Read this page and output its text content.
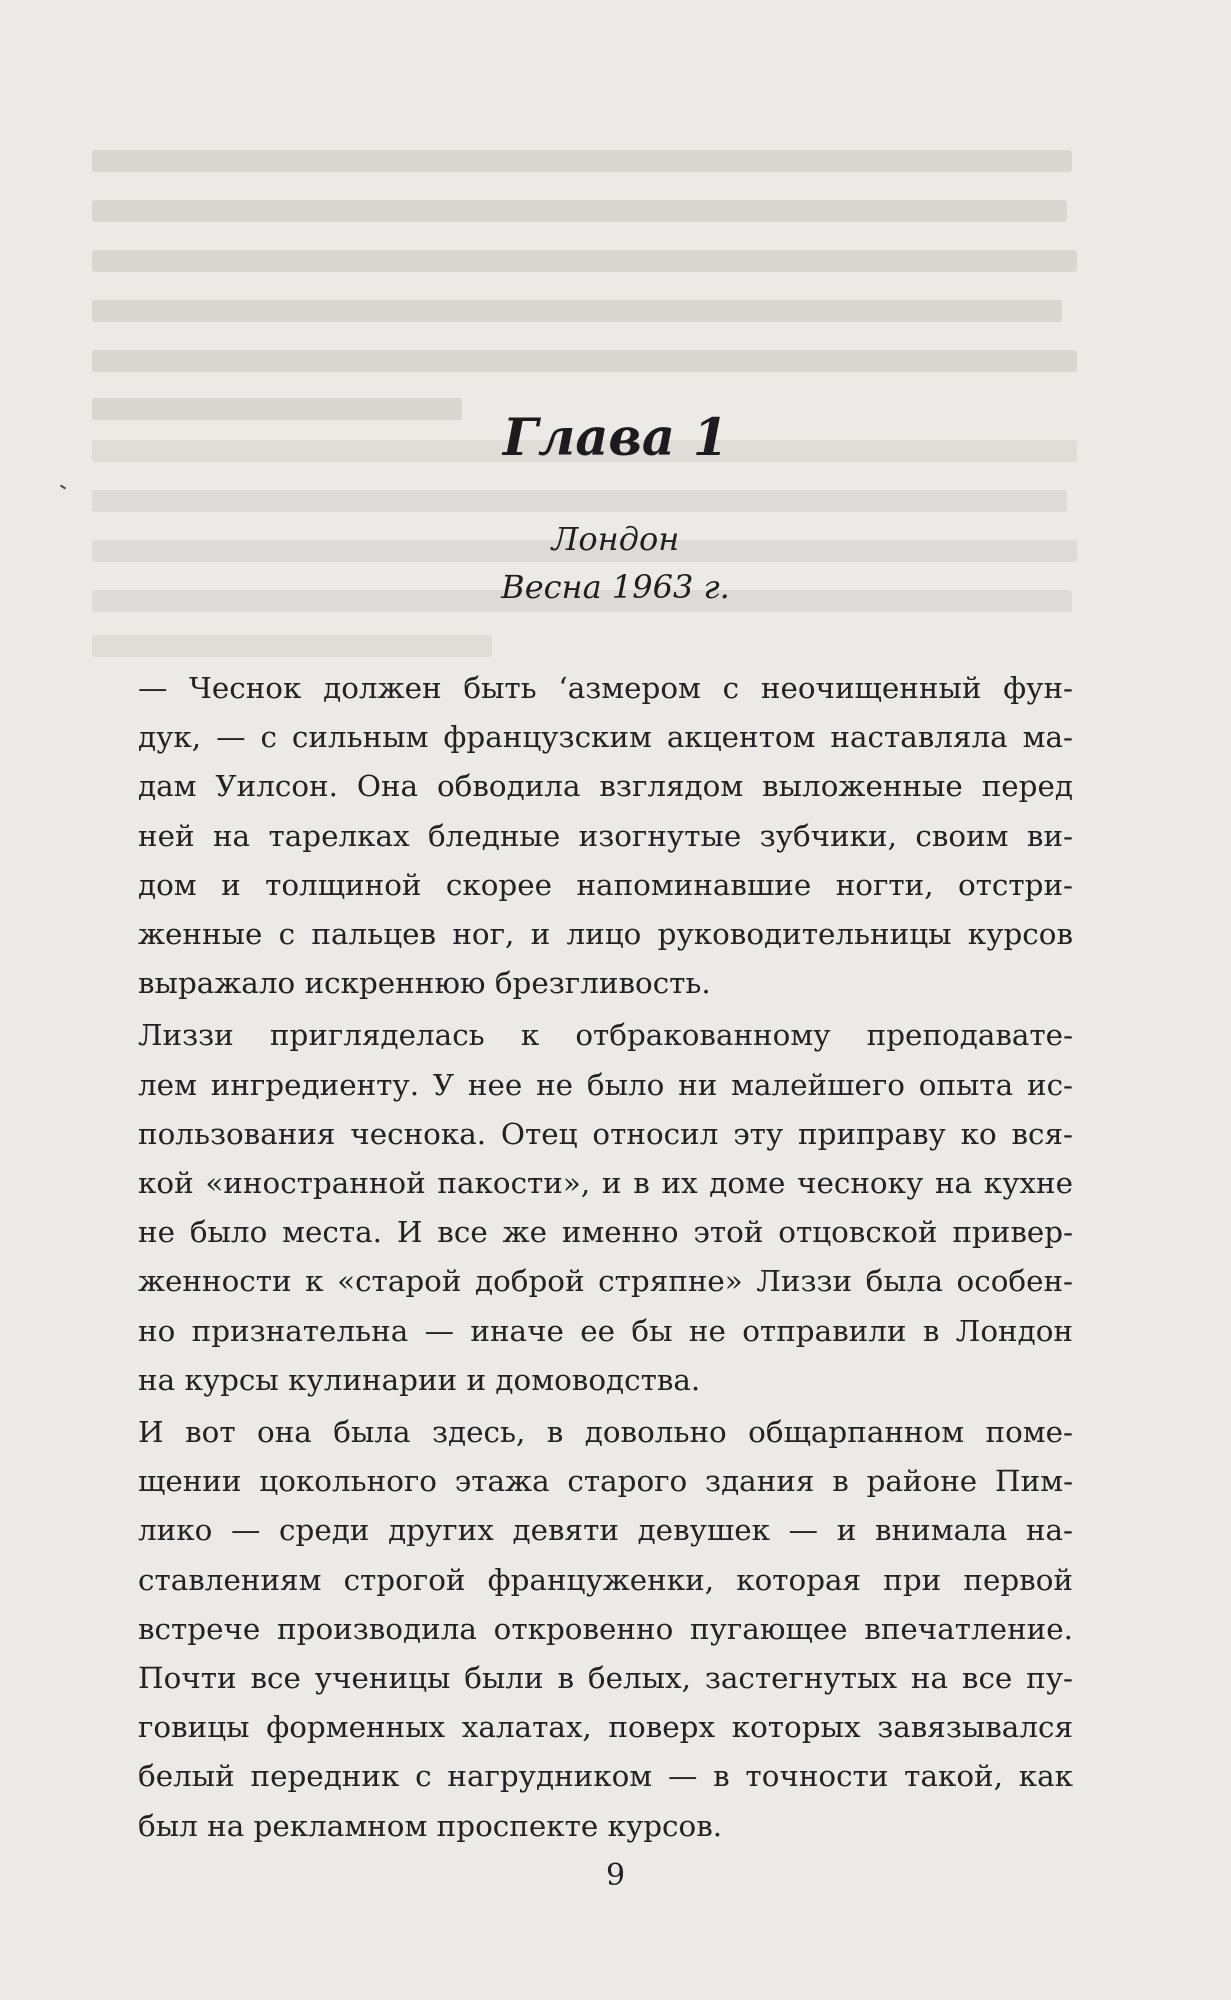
Глава 1
Лондон
Весна 1963 г.

— Чеснок должен быть ‘азмером с неочищенный фун-
дук, — с сильным французским акцентом наставляла ма-
дам Уилсон. Она обводила взглядом выложенные перед
ней на тарелках бледные изогнутые зубчики, своим ви-
дом и толщиной скорее напоминавшие ногти, отстри-
женные с пальцев ног, и лицо руководительницы курсов
выражало искреннюю брезгливость.

Лиззи пригляделась к отбракованному преподавате-
лем ингредиенту. У нее не было ни малейшего опыта ис-
пользования чеснока. Отец относил эту приправу ко вся-
кой «иностранной пакости», и в их доме чесноку на кухне
не было места. И все же именно этой отцовской привер-
женности к «старой доброй стряпне» Лиззи была особен-
но признательна — иначе ее бы не отправили в Лондон
на курсы кулинарии и домоводства.

И вот она была здесь, в довольно общарпанном поме-
щении цокольного этажа старого здания в районе Пим-
лико — среди других девяти девушек — и внимала на-
ставлениям строгой француженки, которая при первой
встрече производила откровенно пугающее впечатление.
Почти все ученицы были в белых, застегнутых на все пу-
говицы форменных халатах, поверх которых завязывался
белый передник с нагрудником — в точности такой, как
был на рекламном проспекте курсов.

9
